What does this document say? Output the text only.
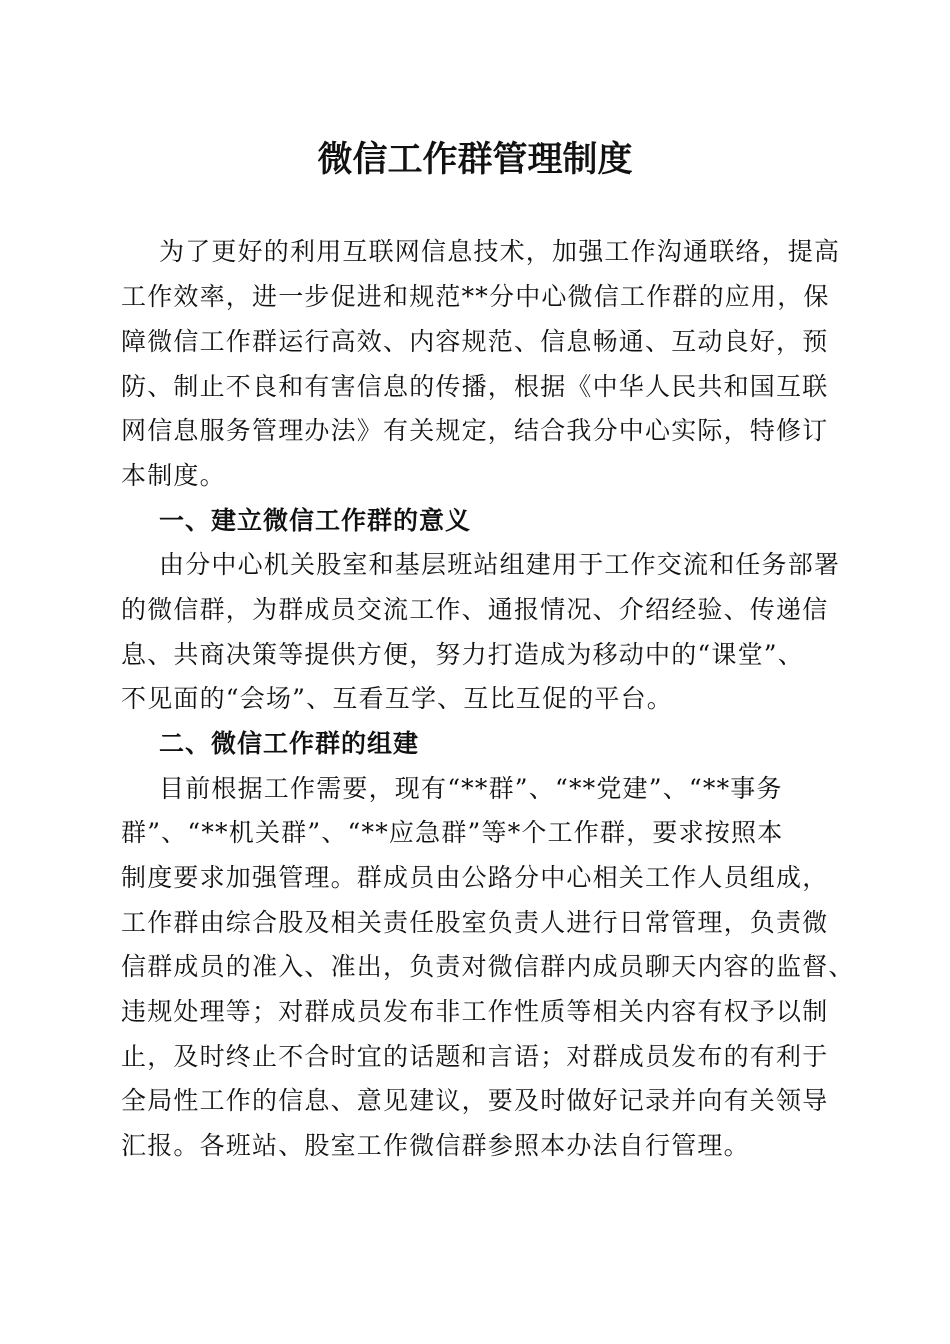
微信工作群管理制度
为了更好的利用互联网信息技术，加强工作沟通联络，提高
工作效率，进一步促进和规范**分中心微信工作群的应用，保
障微信工作群运行高效、内容规范、信息畅通、互动良好，预
防、制止不良和有害信息的传播，根据《中华人民共和国互联
网信息服务管理办法》有关规定，结合我分中心实际，特修订
本制度。
一、建立微信工作群的意义
由分中心机关股室和基层班站组建用于工作交流和任务部署
的微信群，为群成员交流工作、通报情况、介绍经验、传递信
息、共商决策等提供方便，努力打造成为移动中的“课堂”、
不见面的“会场”、互看互学、互比互促的平台。
二、微信工作群的组建
目前根据工作需要，现有“**群”、“**党建”、“**事务
群”、“**机关群”、“**应急群”等*个工作群，要求按照本
制度要求加强管理。群成员由公路分中心相关工作人员组成，
工作群由综合股及相关责任股室负责人进行日常管理，负责微
信群成员的准入、准出，负责对微信群内成员聊天内容的监督、
违规处理等；对群成员发布非工作性质等相关内容有权予以制
止，及时终止不合时宜的话题和言语；对群成员发布的有利于
全局性工作的信息、意见建议，要及时做好记录并向有关领导
汇报。各班站、股室工作微信群参照本办法自行管理。
